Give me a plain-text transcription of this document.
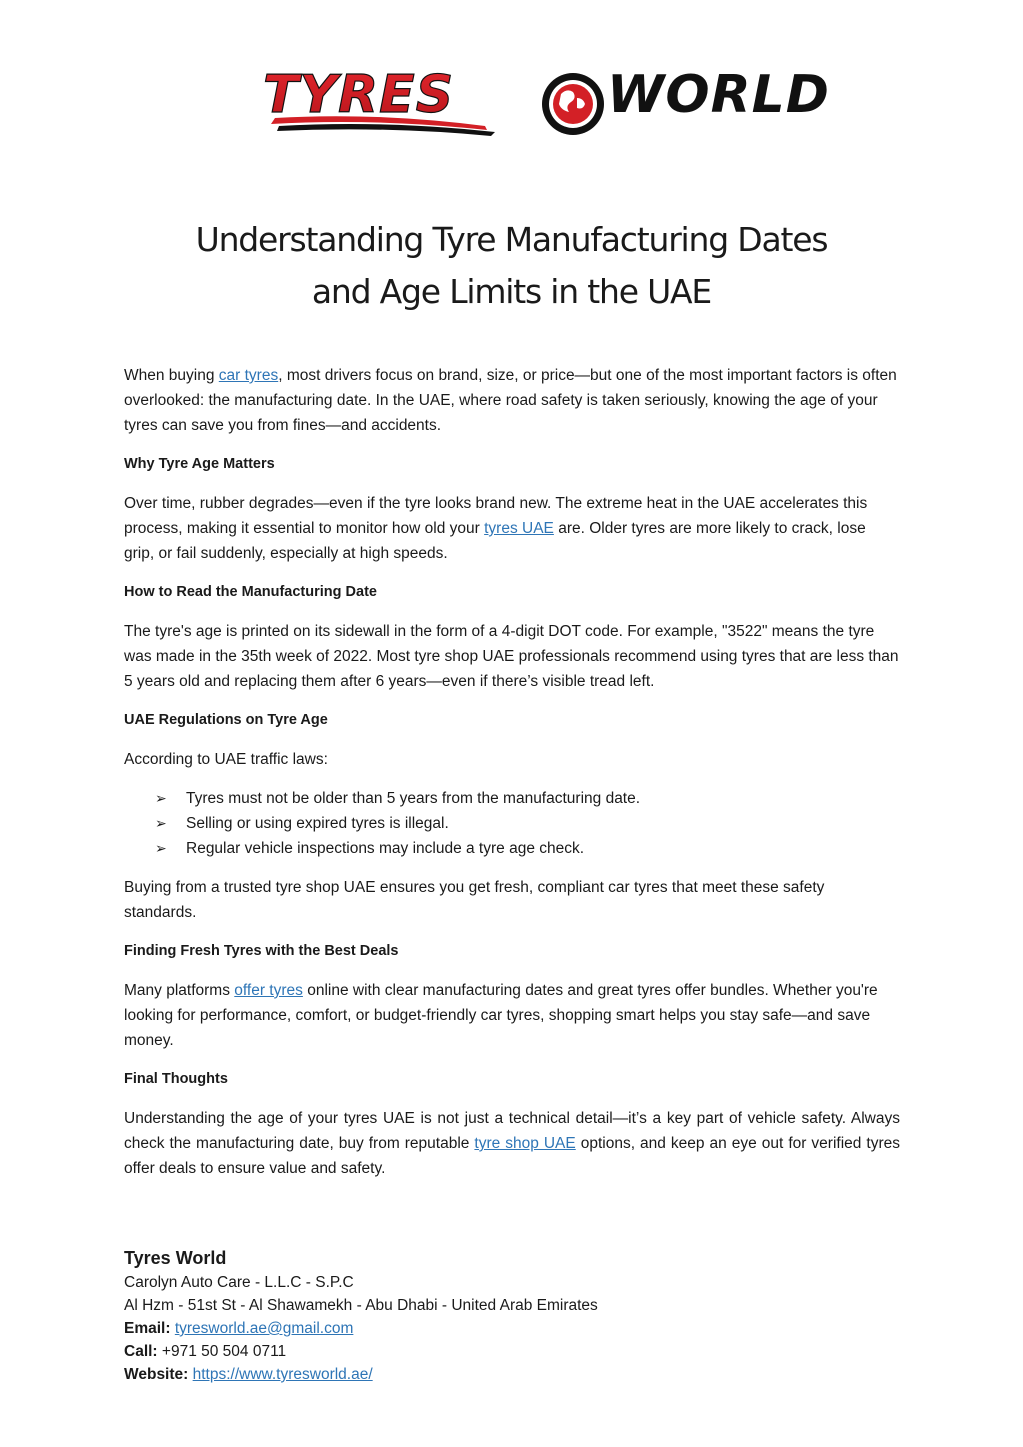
TYRES	WORLD
Understanding Tyre Manufacturing Dates
and Age Limits in the UAE

When buying car tyres, most drivers focus on brand, size, or price—but one of the most important factors is often overlooked: the manufacturing date. In the UAE, where road safety is taken seriously, knowing the age of your tyres can save you from fines—and accidents.

Why Tyre Age Matters

Over time, rubber degrades—even if the tyre looks brand new. The extreme heat in the UAE accelerates this process, making it essential to monitor how old your tyres UAE are. Older tyres are more likely to crack, lose grip, or fail suddenly, especially at high speeds.

How to Read the Manufacturing Date

The tyre's age is printed on its sidewall in the form of a 4-digit DOT code. For example, "3522" means the tyre was made in the 35th week of 2022. Most tyre shop UAE professionals recommend using tyres that are less than 5 years old and replacing them after 6 years—even if there’s visible tread left.

UAE Regulations on Tyre Age

According to UAE traffic laws:

➢ Tyres must not be older than 5 years from the manufacturing date.
➢ Selling or using expired tyres is illegal.
➢ Regular vehicle inspections may include a tyre age check.

Buying from a trusted tyre shop UAE ensures you get fresh, compliant car tyres that meet these safety standards.

Finding Fresh Tyres with the Best Deals

Many platforms offer tyres online with clear manufacturing dates and great tyres offer bundles. Whether you're looking for performance, comfort, or budget-friendly car tyres, shopping smart helps you stay safe—and save money.

Final Thoughts

Understanding the age of your tyres UAE is not just a technical detail—it’s a key part of vehicle safety. Always check the manufacturing date, buy from reputable tyre shop UAE options, and keep an eye out for verified tyres offer deals to ensure value and safety.

Tyres World
Carolyn Auto Care - L.L.C - S.P.C
Al Hzm - 51st St - Al Shawamekh - Abu Dhabi - United Arab Emirates
Email: tyresworld.ae@gmail.com
Call: +971 50 504 0711
Website: https://www.tyresworld.ae/
